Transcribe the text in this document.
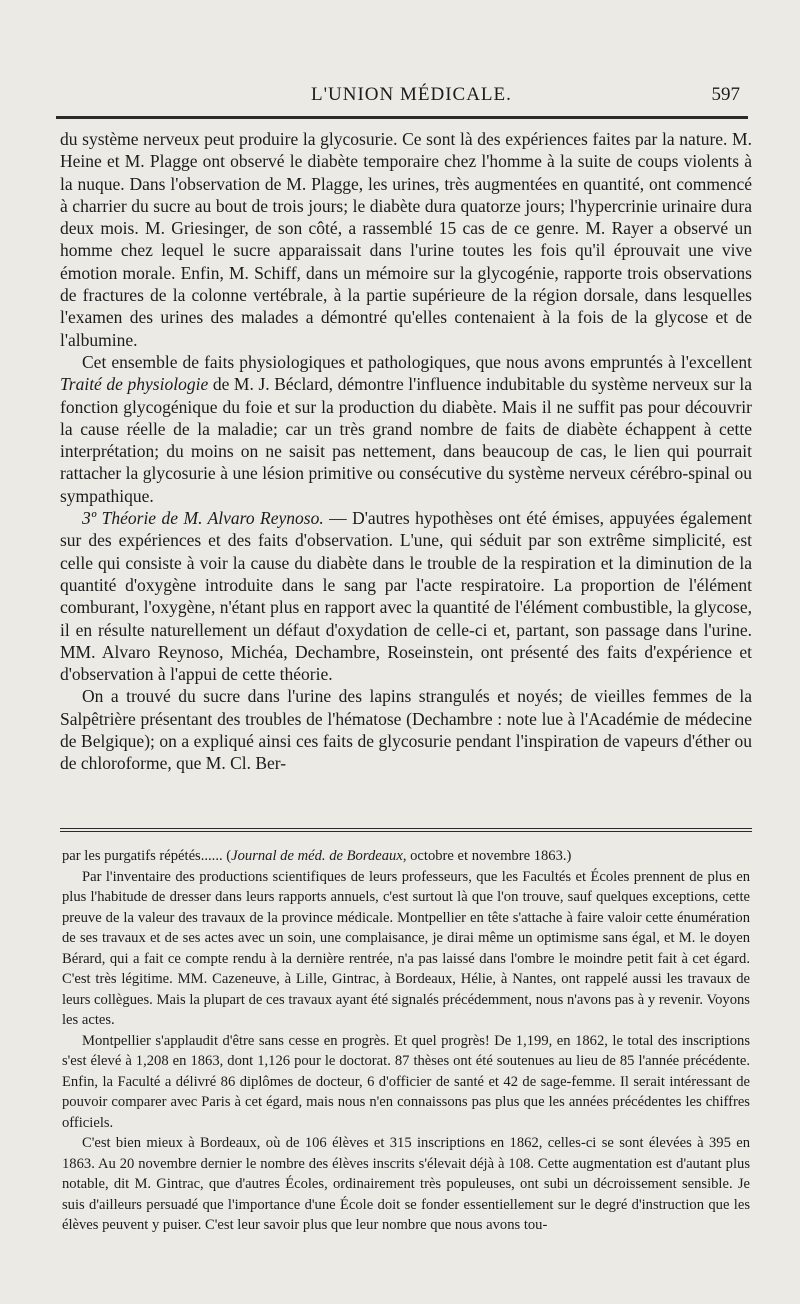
L'UNION MÉDICALE.	597

du système nerveux peut produire la glycosurie. Ce sont là des expériences faites par la nature. M. Heine et M. Plagge ont observé le diabète temporaire chez l'homme à la suite de coups violents à la nuque. Dans l'observation de M. Plagge, les urines, très augmentées en quantité, ont commencé à charrier du sucre au bout de trois jours; le diabète dura quatorze jours; l'hypercrinie urinaire dura deux mois. M. Griesinger, de son côté, a rassemblé 15 cas de ce genre. M. Rayer a observé un homme chez lequel le sucre apparaissait dans l'urine toutes les fois qu'il éprouvait une vive émotion morale. Enfin, M. Schiff, dans un mémoire sur la glycogénie, rapporte trois observations de fractures de la colonne vertébrale, à la partie supérieure de la région dorsale, dans lesquelles l'examen des urines des malades a démontré qu'elles contenaient à la fois de la glycose et de l'albumine.

Cet ensemble de faits physiologiques et pathologiques, que nous avons empruntés à l'excellent Traité de physiologie de M. J. Béclard, démontre l'influence indubitable du système nerveux sur la fonction glycogénique du foie et sur la production du diabète. Mais il ne suffit pas pour découvrir la cause réelle de la maladie; car un très grand nombre de faits de diabète échappent à cette interprétation; du moins on ne saisit pas nettement, dans beaucoup de cas, le lien qui pourrait rattacher la glycosurie à une lésion primitive ou consécutive du système nerveux cérébro-spinal ou sympathique.

3º Théorie de M. Alvaro Reynoso. — D'autres hypothèses ont été émises, appuyées également sur des expériences et des faits d'observation. L'une, qui séduit par son extrême simplicité, est celle qui consiste à voir la cause du diabète dans le trouble de la respiration et la diminution de la quantité d'oxygène introduite dans le sang par l'acte respiratoire. La proportion de l'élément comburant, l'oxygène, n'étant plus en rapport avec la quantité de l'élément combustible, la glycose, il en résulte naturellement un défaut d'oxydation de celle-ci et, partant, son passage dans l'urine. MM. Alvaro Reynoso, Michéa, Dechambre, Roseinstein, ont présenté des faits d'expérience et d'observation à l'appui de cette théorie.

On a trouvé du sucre dans l'urine des lapins strangulés et noyés; de vieilles femmes de la Salpêtrière présentant des troubles de l'hématose (Dechambre : note lue à l'Académie de médecine de Belgique); on a expliqué ainsi ces faits de glycosurie pendant l'inspiration de vapeurs d'éther ou de chloroforme, que M. Cl. Ber-

par les purgatifs répétés...... (Journal de méd. de Bordeaux, octobre et novembre 1863.)

Par l'inventaire des productions scientifiques de leurs professeurs, que les Facultés et Écoles prennent de plus en plus l'habitude de dresser dans leurs rapports annuels, c'est surtout là que l'on trouve, sauf quelques exceptions, cette preuve de la valeur des travaux de la province médicale. Montpellier en tête s'attache à faire valoir cette énumération de ses travaux et de ses actes avec un soin, une complaisance, je dirai même un optimisme sans égal, et M. le doyen Bérard, qui a fait ce compte rendu à la dernière rentrée, n'a pas laissé dans l'ombre le moindre petit fait à cet égard. C'est très légitime. MM. Cazeneuve, à Lille, Gintrac, à Bordeaux, Hélie, à Nantes, ont rappelé aussi les travaux de leurs collègues. Mais la plupart de ces travaux ayant été signalés précédemment, nous n'avons pas à y revenir. Voyons les actes.

Montpellier s'applaudit d'être sans cesse en progrès. Et quel progrès! De 1,199, en 1862, le total des inscriptions s'est élevé à 1,208 en 1863, dont 1,126 pour le doctorat. 87 thèses ont été soutenues au lieu de 85 l'année précédente. Enfin, la Faculté a délivré 86 diplômes de docteur, 6 d'officier de santé et 42 de sage-femme. Il serait intéressant de pouvoir comparer avec Paris à cet égard, mais nous n'en connaissons pas plus que les années précédentes les chiffres officiels.

C'est bien mieux à Bordeaux, où de 106 élèves et 315 inscriptions en 1862, celles-ci se sont élevées à 395 en 1863. Au 20 novembre dernier le nombre des élèves inscrits s'élevait déjà à 108. Cette augmentation est d'autant plus notable, dit M. Gintrac, que d'autres Écoles, ordinairement très populeuses, ont subi un décroissement sensible. Je suis d'ailleurs persuadé que l'importance d'une École doit se fonder essentiellement sur le degré d'instruction que les élèves peuvent y puiser. C'est leur savoir plus que leur nombre que nous avons tou-
